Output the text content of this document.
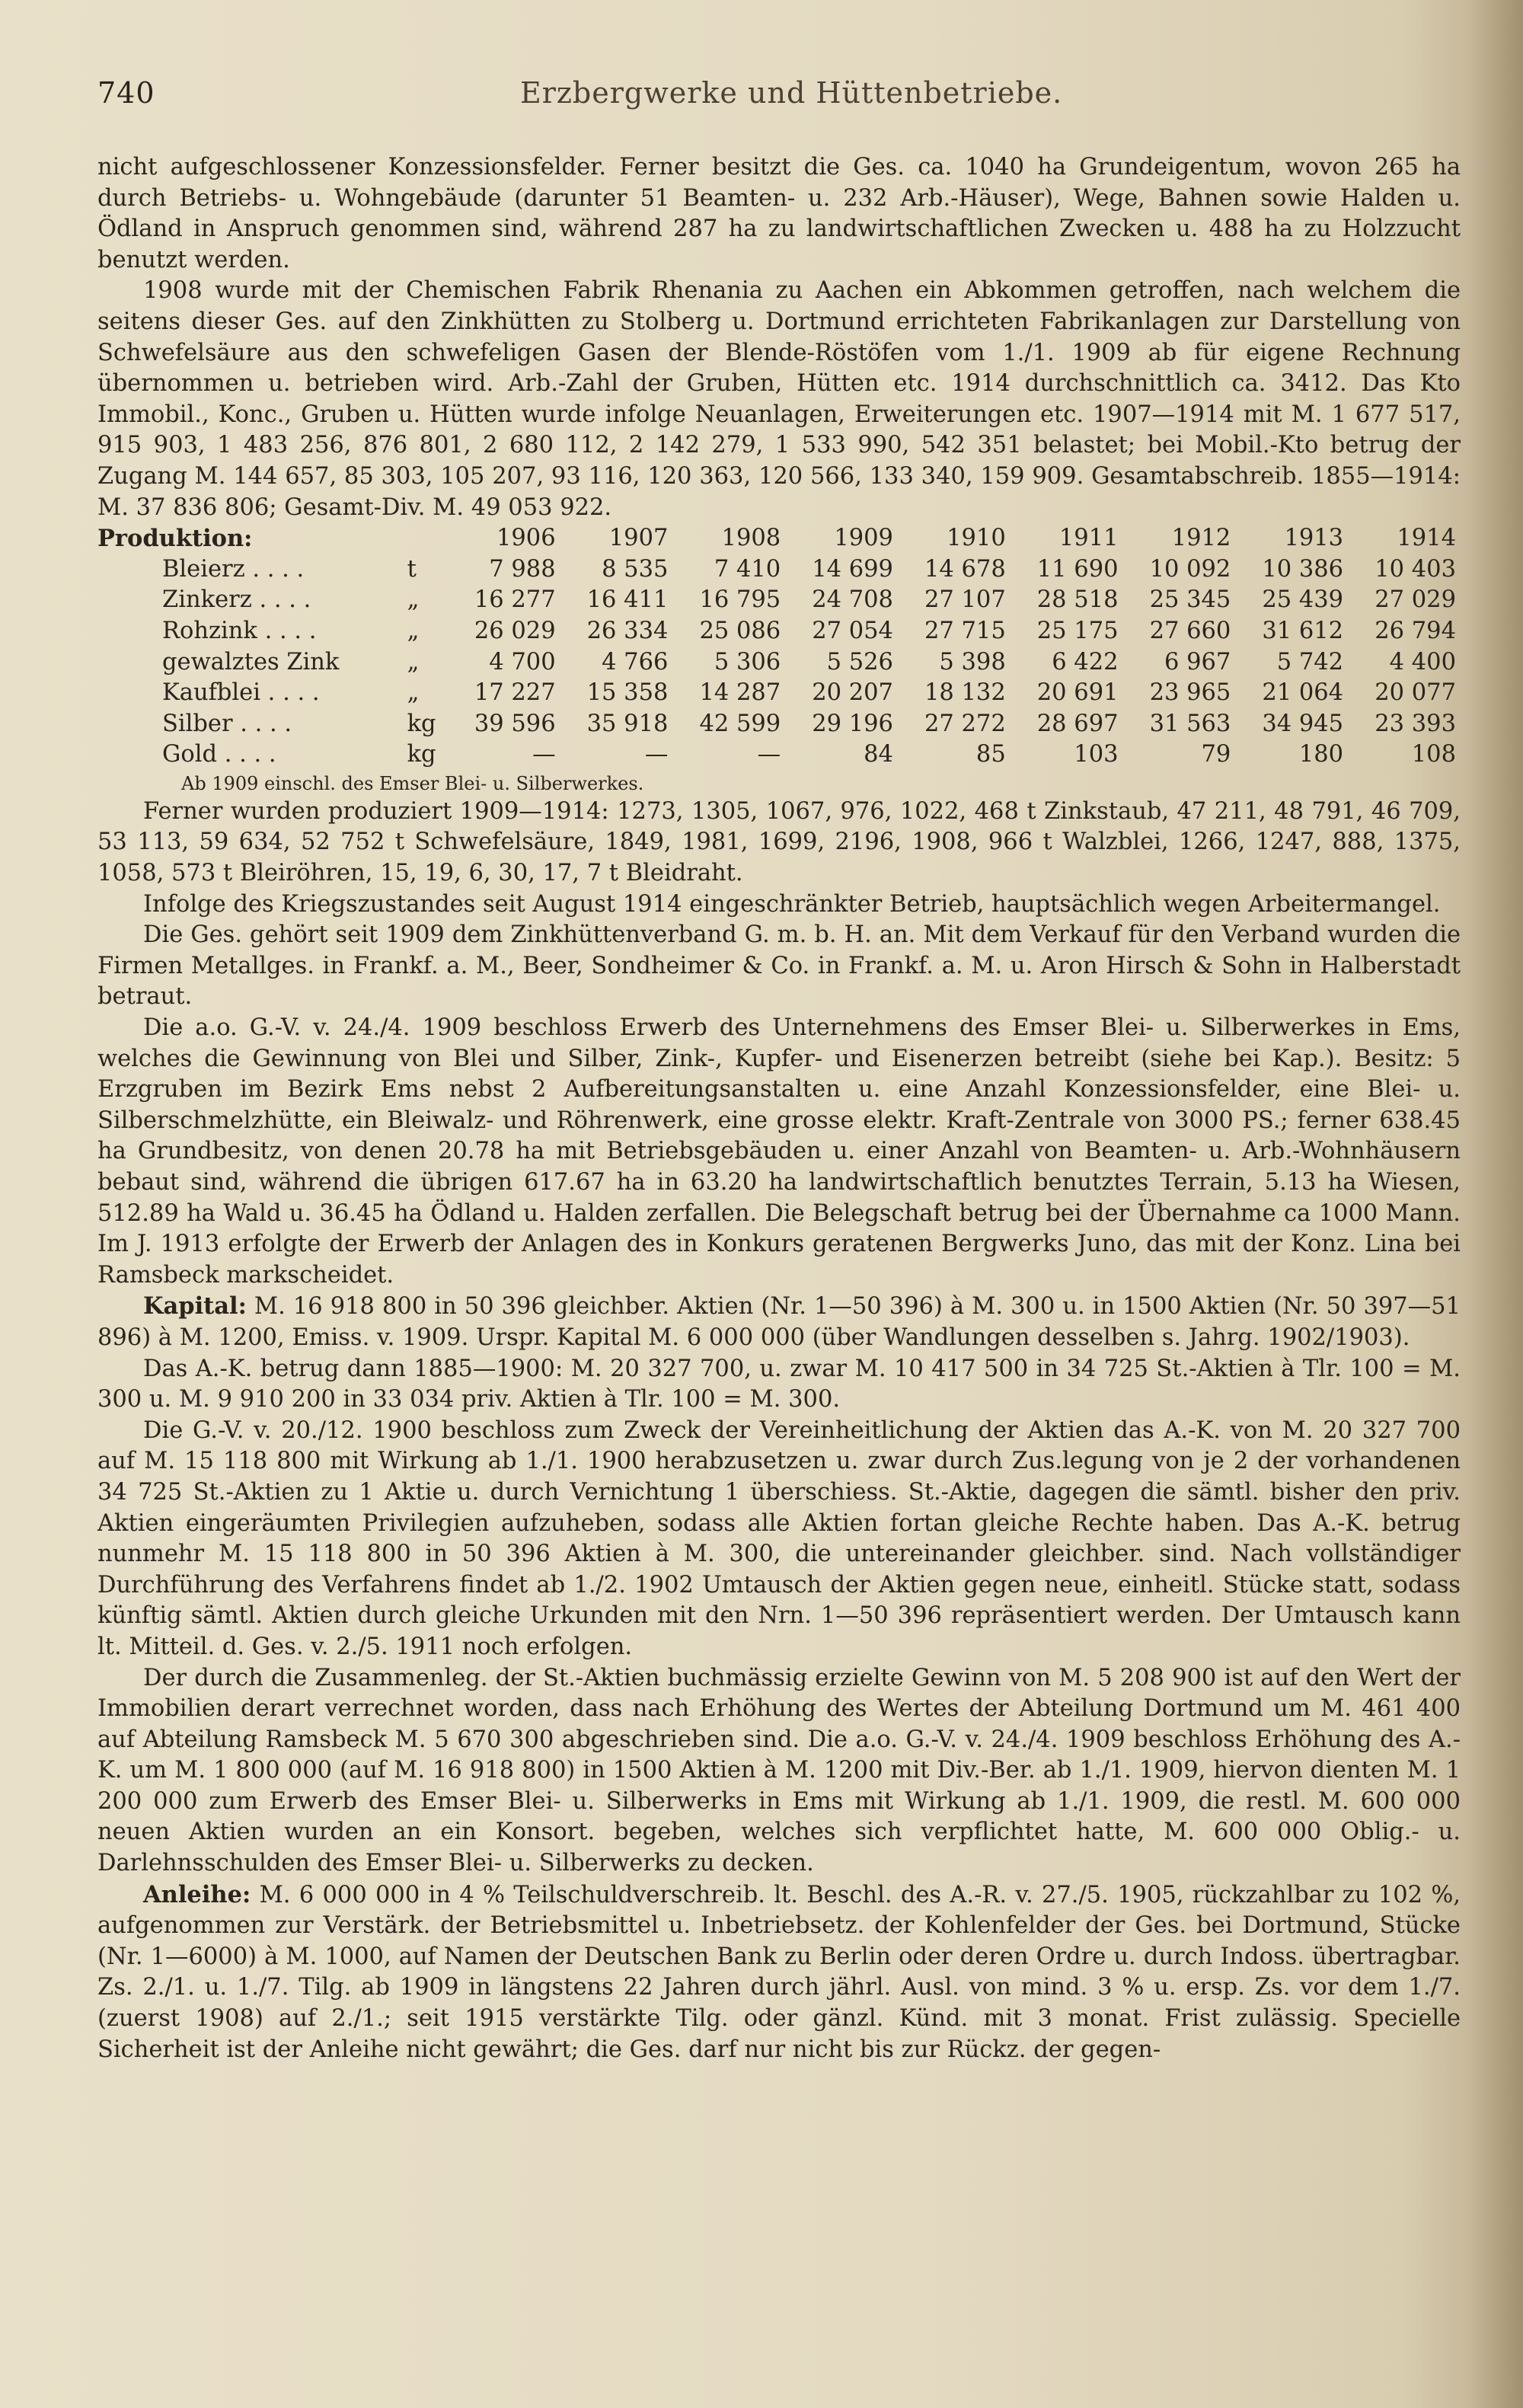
740	Erzbergwerke und Hüttenbetriebe.

nicht aufgeschlossener Konzessionsfelder. Ferner besitzt die Ges. ca. 1040 ha Grundeigentum, wovon 265 ha durch Betriebs- u. Wohngebäude (darunter 51 Beamten- u. 232 Arb.-Häuser), Wege, Bahnen sowie Halden u. Ödland in Anspruch genommen sind, während 287 ha zu landwirtschaftlichen Zwecken u. 488 ha zu Holzzucht benutzt werden.

1908 wurde mit der Chemischen Fabrik Rhenania zu Aachen ein Abkommen getroffen, nach welchem die seitens dieser Ges. auf den Zinkhütten zu Stolberg u. Dortmund errichteten Fabrikanlagen zur Darstellung von Schwefelsäure aus den schwefeligen Gasen der Blende-Röstöfen vom 1./1. 1909 ab für eigene Rechnung übernommen u. betrieben wird. Arb.-Zahl der Gruben, Hütten etc. 1914 durchschnittlich ca. 3412. Das Kto Immobil., Konc., Gruben u. Hütten wurde infolge Neuanlagen, Erweiterungen etc. 1907—1914 mit M. 1 677 517, 915 903, 1 483 256, 876 801, 2 680 112, 2 142 279, 1 533 990, 542 351 belastet; bei Mobil.-Kto betrug der Zugang M. 144 657, 85 303, 105 207, 93 116, 120 363, 120 566, 133 340, 159 909. Gesamtabschreib. 1855—1914: M. 37 836 806; Gesamt-Div. M. 49 053 922.

Produktion:		1906	1907	1908	1909	1910	1911	1912	1913	1914
Bleierz . . . .	t	7 988	8 535	7 410	14 699	14 678	11 690	10 092	10 386	10 403
Zinkerz . . . .	„	16 277	16 411	16 795	24 708	27 107	28 518	25 345	25 439	27 029
Rohzink . . . .	„	26 029	26 334	25 086	27 054	27 715	25 175	27 660	31 612	26 794
gewalztes Zink	„	4 700	4 766	5 306	5 526	5 398	6 422	6 967	5 742	4 400
Kaufblei . . . .	„	17 227	15 358	14 287	20 207	18 132	20 691	23 965	21 064	20 077
Silber . . . .	kg	39 596	35 918	42 599	29 196	27 272	28 697	31 563	34 945	23 393
Gold . . . .	kg	—	—	—	84	85	103	79	180	108
Ab 1909 einschl. des Emser Blei- u. Silberwerkes.

Ferner wurden produziert 1909—1914: 1273, 1305, 1067, 976, 1022, 468 t Zinkstaub, 47 211, 48 791, 46 709, 53 113, 59 634, 52 752 t Schwefelsäure, 1849, 1981, 1699, 2196, 1908, 966 t Walzblei, 1266, 1247, 888, 1375, 1058, 573 t Bleiröhren, 15, 19, 6, 30, 17, 7 t Bleidraht.

Infolge des Kriegszustandes seit August 1914 eingeschränkter Betrieb, hauptsächlich wegen Arbeitermangel.

Die Ges. gehört seit 1909 dem Zinkhüttenverband G. m. b. H. an. Mit dem Verkauf für den Verband wurden die Firmen Metallges. in Frankf. a. M., Beer, Sondheimer & Co. in Frankf. a. M. u. Aron Hirsch & Sohn in Halberstadt betraut.

Die a.o. G.-V. v. 24./4. 1909 beschloss Erwerb des Unternehmens des Emser Blei- u. Silberwerkes in Ems, welches die Gewinnung von Blei und Silber, Zink-, Kupfer- und Eisenerzen betreibt (siehe bei Kap.). Besitz: 5 Erzgruben im Bezirk Ems nebst 2 Aufbereitungsanstalten u. eine Anzahl Konzessionsfelder, eine Blei- u. Silberschmelzhütte, ein Bleiwalz- und Röhrenwerk, eine grosse elektr. Kraft-Zentrale von 3000 PS.; ferner 638.45 ha Grundbesitz, von denen 20.78 ha mit Betriebsgebäuden u. einer Anzahl von Beamten- u. Arb.-Wohnhäusern bebaut sind, während die übrigen 617.67 ha in 63.20 ha landwirtschaftlich benutztes Terrain, 5.13 ha Wiesen, 512.89 ha Wald u. 36.45 ha Ödland u. Halden zerfallen. Die Belegschaft betrug bei der Übernahme ca 1000 Mann. Im J. 1913 erfolgte der Erwerb der Anlagen des in Konkurs geratenen Bergwerks Juno, das mit der Konz. Lina bei Ramsbeck markscheidet.

Kapital: M. 16 918 800 in 50 396 gleichber. Aktien (Nr. 1—50 396) à M. 300 u. in 1500 Aktien (Nr. 50 397—51 896) à M. 1200, Emiss. v. 1909. Urspr. Kapital M. 6 000 000 (über Wandlungen desselben s. Jahrg. 1902/1903).

Das A.-K. betrug dann 1885—1900: M. 20 327 700, u. zwar M. 10 417 500 in 34 725 St.-Aktien à Tlr. 100 = M. 300 u. M. 9 910 200 in 33 034 priv. Aktien à Tlr. 100 = M. 300.

Die G.-V. v. 20./12. 1900 beschloss zum Zweck der Vereinheitlichung der Aktien das A.-K. von M. 20 327 700 auf M. 15 118 800 mit Wirkung ab 1./1. 1900 herabzusetzen u. zwar durch Zus.legung von je 2 der vorhandenen 34 725 St.-Aktien zu 1 Aktie u. durch Vernichtung 1 überschiess. St.-Aktie, dagegen die sämtl. bisher den priv. Aktien eingeräumten Privilegien aufzuheben, sodass alle Aktien fortan gleiche Rechte haben. Das A.-K. betrug nunmehr M. 15 118 800 in 50 396 Aktien à M. 300, die untereinander gleichber. sind. Nach vollständiger Durchführung des Verfahrens findet ab 1./2. 1902 Umtausch der Aktien gegen neue, einheitl. Stücke statt, sodass künftig sämtl. Aktien durch gleiche Urkunden mit den Nrn. 1—50 396 repräsentiert werden. Der Umtausch kann lt. Mitteil. d. Ges. v. 2./5. 1911 noch erfolgen.

Der durch die Zusammenleg. der St.-Aktien buchmässig erzielte Gewinn von M. 5 208 900 ist auf den Wert der Immobilien derart verrechnet worden, dass nach Erhöhung des Wertes der Abteilung Dortmund um M. 461 400 auf Abteilung Ramsbeck M. 5 670 300 abgeschrieben sind. Die a.o. G.-V. v. 24./4. 1909 beschloss Erhöhung des A.-K. um M. 1 800 000 (auf M. 16 918 800) in 1500 Aktien à M. 1200 mit Div.-Ber. ab 1./1. 1909, hiervon dienten M. 1 200 000 zum Erwerb des Emser Blei- u. Silberwerks in Ems mit Wirkung ab 1./1. 1909, die restl. M. 600 000 neuen Aktien wurden an ein Konsort. begeben, welches sich verpflichtet hatte, M. 600 000 Oblig.- u. Darlehnsschulden des Emser Blei- u. Silberwerks zu decken.

Anleihe: M. 6 000 000 in 4 % Teilschuldverschreib. lt. Beschl. des A.-R. v. 27./5. 1905, rückzahlbar zu 102 %, aufgenommen zur Verstärk. der Betriebsmittel u. Inbetriebsetz. der Kohlenfelder der Ges. bei Dortmund, Stücke (Nr. 1—6000) à M. 1000, auf Namen der Deutschen Bank zu Berlin oder deren Ordre u. durch Indoss. übertragbar. Zs. 2./1. u. 1./7. Tilg. ab 1909 in längstens 22 Jahren durch jährl. Ausl. von mind. 3 % u. ersp. Zs. vor dem 1./7. (zuerst 1908) auf 2./1.; seit 1915 verstärkte Tilg. oder gänzl. Künd. mit 3 monat. Frist zulässig. Specielle Sicherheit ist der Anleihe nicht gewährt; die Ges. darf nur nicht bis zur Rückz. der gegen-
